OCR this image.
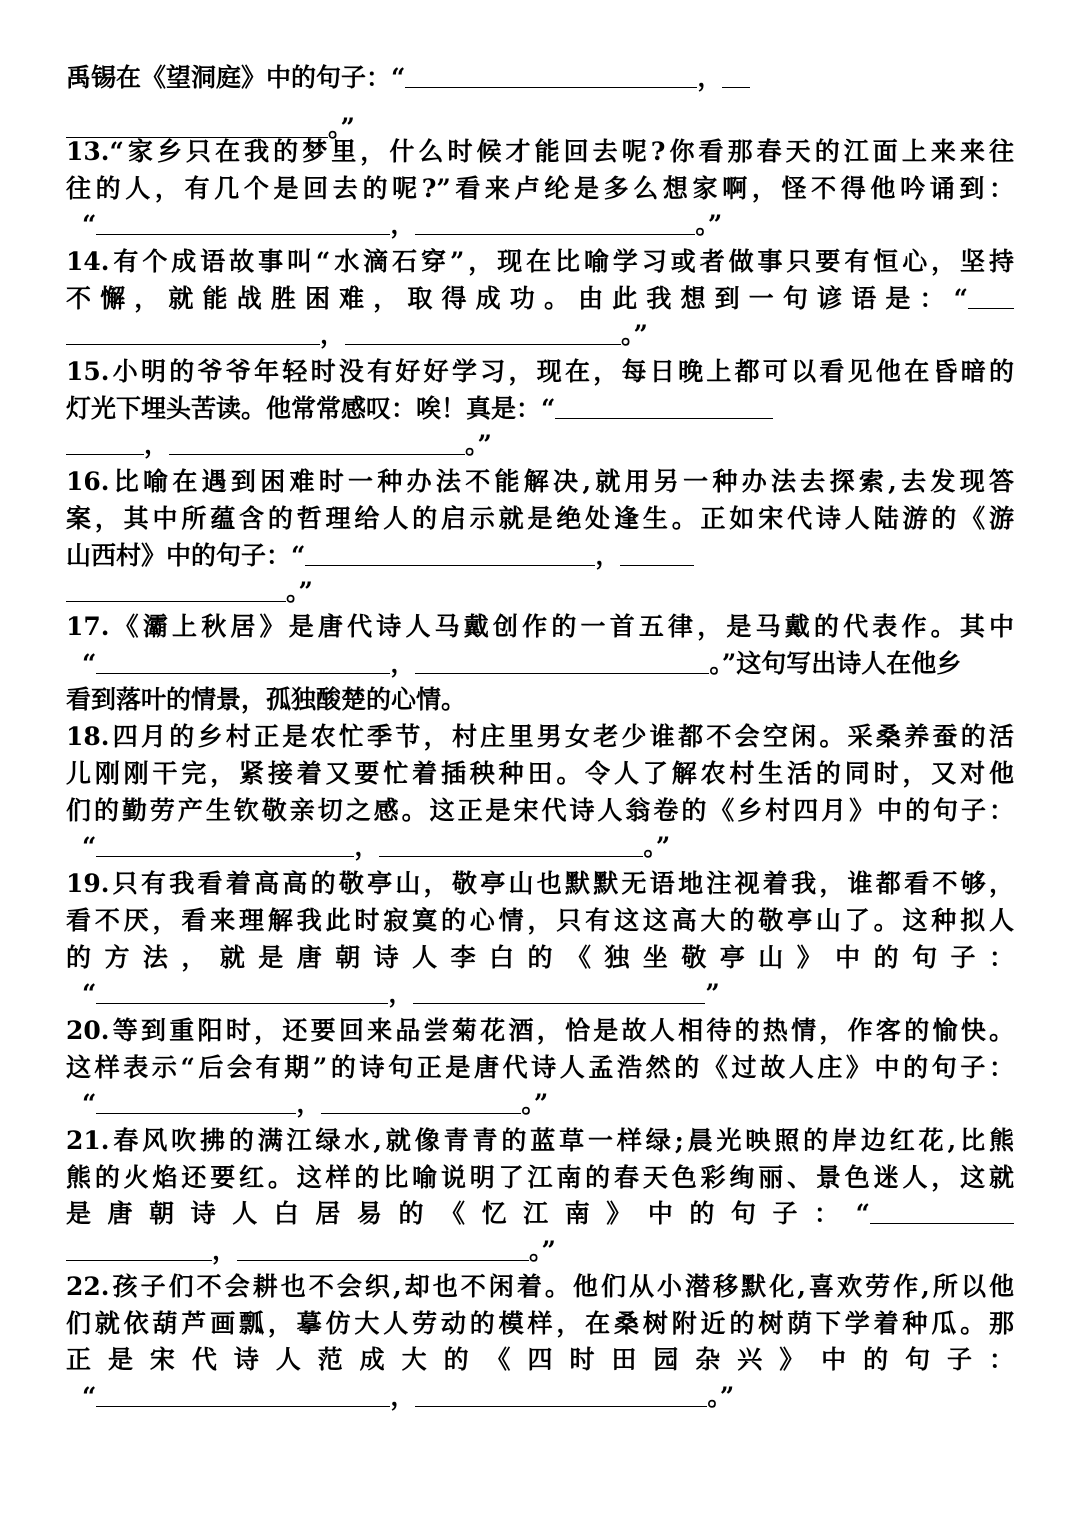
禹锡在《望洞庭》中的句子：“	，
。”
13.“家乡只在我的梦里，什么时候才能回去呢?你看那春天的江面上来来往
往的人，有几个是回去的呢?”看来卢纶是多么想家啊，怪不得他吟诵到：
“	，	。”
14.有个成语故事叫“水滴石穿”，现在比喻学习或者做事只要有恒心，坚持
不懈，就能战胜困难，取得成功。由此我想到一句谚语是：“
，	。”
15.小明的爷爷年轻时没有好好学习，现在，每日晚上都可以看见他在昏暗的
灯光下埋头苦读。他常常感叹：唉！真是：“
，	。”
16.比喻在遇到困难时一种办法不能解决,就用另一种办法去探索,去发现答
案，其中所蕴含的哲理给人的启示就是绝处逢生。正如宋代诗人陆游的《游
山西村》中的句子：“	，
。”
17.《灞上秋居》是唐代诗人马戴创作的一首五律，是马戴的代表作。其中
“	，	。”这句写出诗人在他乡
看到落叶的情景，孤独酸楚的心情。
18.四月的乡村正是农忙季节，村庄里男女老少谁都不会空闲。采桑养蚕的活
儿刚刚干完，紧接着又要忙着插秧种田。令人了解农村生活的同时，又对他
们的勤劳产生钦敬亲切之感。这正是宋代诗人翁卷的《乡村四月》中的句子：
“	，	。”
19.只有我看着高高的敬亭山，敬亭山也默默无语地注视着我，谁都看不够，
看不厌，看来理解我此时寂寞的心情，只有这这高大的敬亭山了。这种拟人
的方法，就是唐朝诗人李白的《独坐敬亭山》中的句子：
“	，	”
20.等到重阳时，还要回来品尝菊花酒，恰是故人相待的热情，作客的愉快。
这样表示“后会有期”的诗句正是唐代诗人孟浩然的《过故人庄》中的句子：
“	，	。”
21.春风吹拂的满江绿水,就像青青的蓝草一样绿;晨光映照的岸边红花,比熊
熊的火焰还要红。这样的比喻说明了江南的春天色彩绚丽、景色迷人，这就
是唐朝诗人白居易的《忆江南》中的句子：“
，	。”
22.孩子们不会耕也不会织,却也不闲着。他们从小潜移默化,喜欢劳作,所以他
们就依葫芦画瓢，摹仿大人劳动的模样，在桑树附近的树荫下学着种瓜。那
正是宋代诗人范成大的《四时田园杂兴》中的句子：
“	，	。”
